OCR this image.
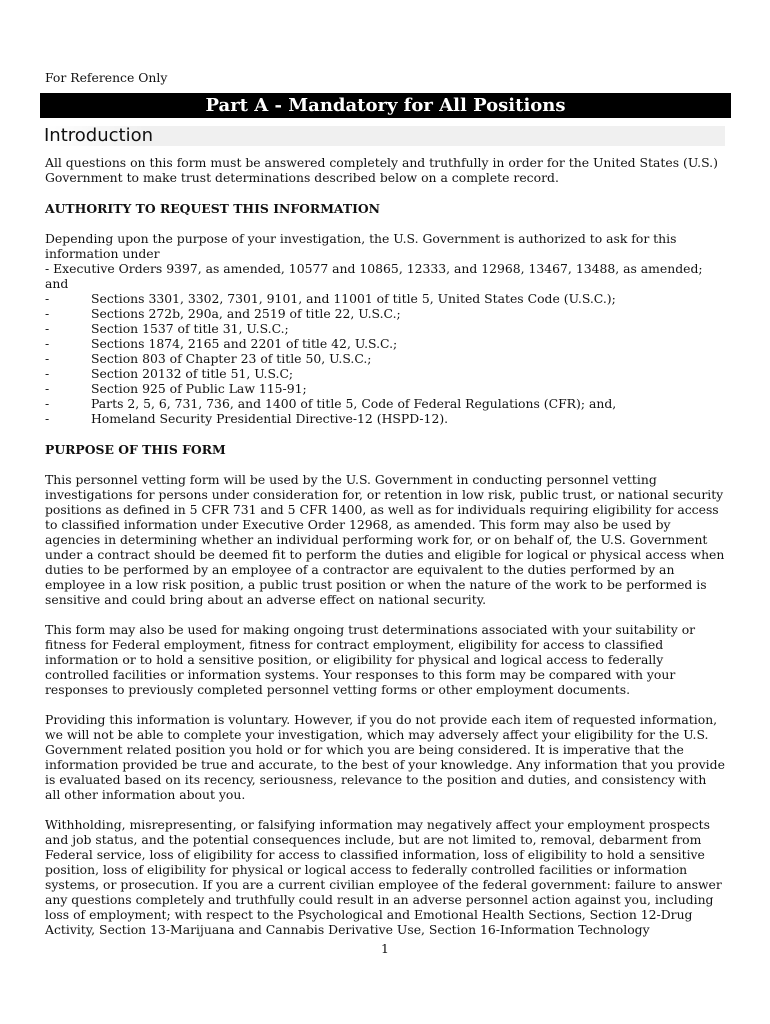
For Reference Only
Part A - Mandatory for All Positions
Introduction

All questions on this form must be answered completely and truthfully in order for the United States (U.S.) Government to make trust determinations described below on a complete record.

AUTHORITY TO REQUEST THIS INFORMATION

Depending upon the purpose of your investigation, the U.S. Government is authorized to ask for this information under

- Executive Orders 9397, as amended, 10577 and 10865, 12333, and 12968, 13467, 13488, as amended; and

-	Sections 3301, 3302, 7301, 9101, and 11001 of title 5, United States Code (U.S.C.);
-	Sections 272b, 290a, and 2519 of title 22, U.S.C.;
-	Section 1537 of title 31, U.S.C.;
-	Sections 1874, 2165 and 2201 of title 42, U.S.C.;
-	Section 803 of Chapter 23 of title 50, U.S.C.;
-	Section 20132 of title 51, U.S.C;
-	Section 925 of Public Law 115-91;
-	Parts 2, 5, 6, 731, 736, and 1400 of title 5, Code of Federal Regulations (CFR); and,
-	Homeland Security Presidential Directive-12 (HSPD-12).

PURPOSE OF THIS FORM

This personnel vetting form will be used by the U.S. Government in conducting personnel vetting investigations for persons under consideration for, or retention in low risk, public trust, or national security positions as defined in 5 CFR 731 and 5 CFR 1400, as well as for individuals requiring eligibility for access to classified information under Executive Order 12968, as amended. This form may also be used by agencies in determining whether an individual performing work for, or on behalf of, the U.S. Government under a contract should be deemed fit to perform the duties and eligible for logical or physical access when duties to be performed by an employee of a contractor are equivalent to the duties performed by an employee in a low risk position, a public trust position or when the nature of the work to be performed is sensitive and could bring about an adverse effect on national security.

This form may also be used for making ongoing trust determinations associated with your suitability or fitness for Federal employment, fitness for contract employment, eligibility for access to classified information or to hold a sensitive position, or eligibility for physical and logical access to federally controlled facilities or information systems. Your responses to this form may be compared with your responses to previously completed personnel vetting forms or other employment documents.

Providing this information is voluntary. However, if you do not provide each item of requested information, we will not be able to complete your investigation, which may adversely affect your eligibility for the U.S. Government related position you hold or for which you are being considered. It is imperative that the information provided be true and accurate, to the best of your knowledge. Any information that you provide is evaluated based on its recency, seriousness, relevance to the position and duties, and consistency with all other information about you.

Withholding, misrepresenting, or falsifying information may negatively affect your employment prospects and job status, and the potential consequences include, but are not limited to, removal, debarment from Federal service, loss of eligibility for access to classified information, loss of eligibility to hold a sensitive position, loss of eligibility for physical or logical access to federally controlled facilities or information systems, or prosecution. If you are a current civilian employee of the federal government: failure to answer any questions completely and truthfully could result in an adverse personnel action against you, including loss of employment; with respect to the Psychological and Emotional Health Sections, Section 12-Drug Activity, Section 13-Marijuana and Cannabis Derivative Use, Section 16-Information Technology

1
